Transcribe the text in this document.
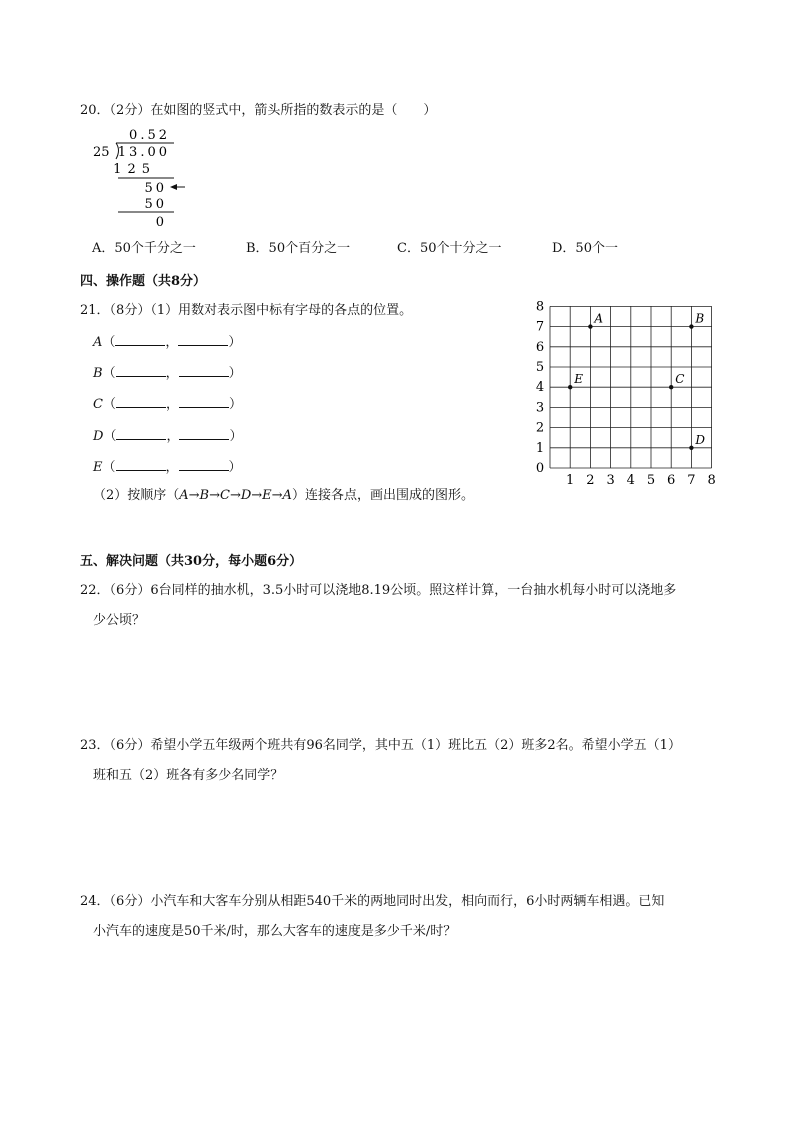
20．（2分）在如图的竖式中，箭头所指的数表示的是（　　）
0.52
25 13.00
125
50
50
0
A．50个千分之一	B．50个百分之一	C．50个十分之一	D．50个一
四、操作题（共8分）
21．（8分）（1）用数对表示图中标有字母的各点的位置。
A（	，	）
B（	，	）
C（	，	）
D（	，	）
E（	，	）
（2）按顺序（A→B→C→D→E→A）连接各点，画出围成的图形。
0
1
2
3
4
5
6
7
8
1 2 3 4 5 6 7 8
A	B
C
D
E
五、解决问题（共30分，每小题6分）
22．（6分）6台同样的抽水机，3.5小时可以浇地8.19公顷。照这样计算，一台抽水机每小时可以浇地多
少公顷？
23．（6分）希望小学五年级两个班共有96名同学，其中五（1）班比五（2）班多2名。希望小学五（1）
班和五（2）班各有多少名同学？
24．（6分）小汽车和大客车分别从相距540千米的两地同时出发，相向而行，6小时两辆车相遇。已知
小汽车的速度是50千米/时，那么大客车的速度是多少千米/时？
